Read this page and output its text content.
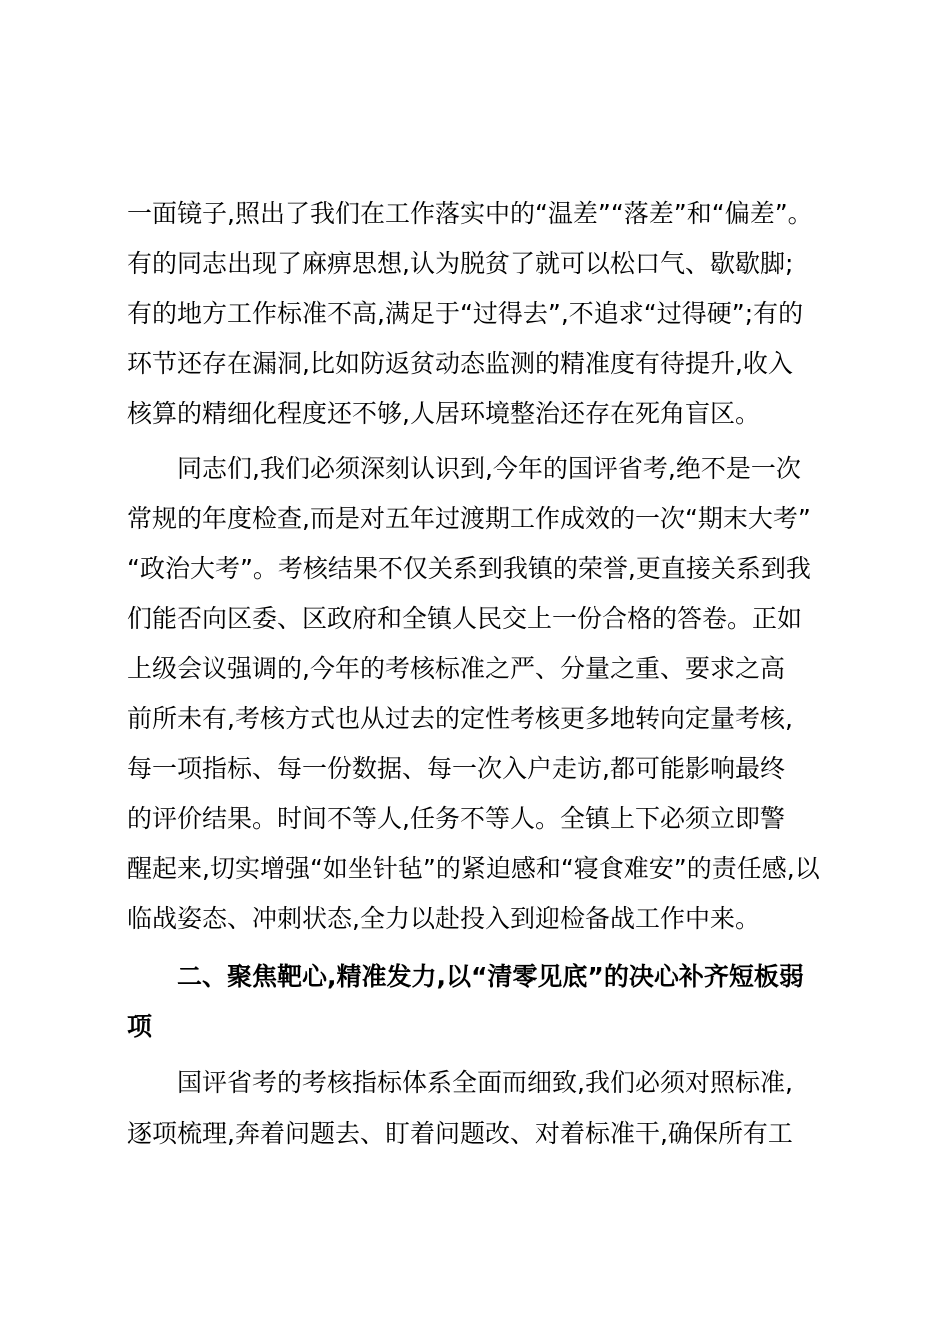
一面镜子,照出了我们在工作落实中的“温差”“落差”和“偏差”。
有的同志出现了麻痹思想,认为脱贫了就可以松口气、歇歇脚;
有的地方工作标准不高,满足于“过得去”,不追求“过得硬”;有的
环节还存在漏洞,比如防返贫动态监测的精准度有待提升,收入
核算的精细化程度还不够,人居环境整治还存在死角盲区。
同志们,我们必须深刻认识到,今年的国评省考,绝不是一次
常规的年度检查,而是对五年过渡期工作成效的一次“期末大考”
“政治大考”。考核结果不仅关系到我镇的荣誉,更直接关系到我
们能否向区委、区政府和全镇人民交上一份合格的答卷。正如
上级会议强调的,今年的考核标准之严、分量之重、要求之高
前所未有,考核方式也从过去的定性考核更多地转向定量考核,
每一项指标、每一份数据、每一次入户走访,都可能影响最终
的评价结果。时间不等人,任务不等人。全镇上下必须立即警
醒起来,切实增强“如坐针毡”的紧迫感和“寝食难安”的责任感,以
临战姿态、冲刺状态,全力以赴投入到迎检备战工作中来。
二、聚焦靶心,精准发力,以“清零见底”的决心补齐短板弱
项
国评省考的考核指标体系全面而细致,我们必须对照标准,
逐项梳理,奔着问题去、盯着问题改、对着标准干,确保所有工
